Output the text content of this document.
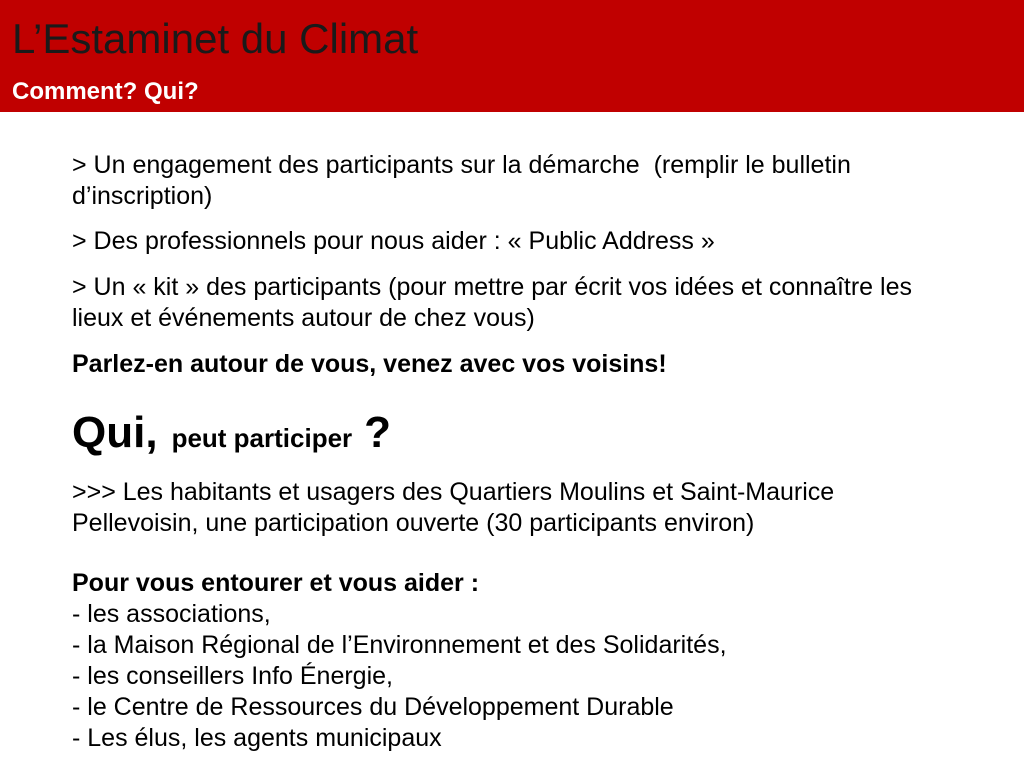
L’Estaminet du Climat
Comment? Qui?

> Un engagement des participants sur la démarche  (remplir le bulletin
d’inscription)

> Des professionnels pour nous aider : « Public Address »

> Un « kit » des participants (pour mettre par écrit vos idées et connaître les
lieux et événements autour de chez vous)

Parlez-en autour de vous, venez avec vos voisins!

Qui, peut participer ?

>>> Les habitants et usagers des Quartiers Moulins et Saint-Maurice
Pellevoisin, une participation ouverte (30 participants environ)

Pour vous entourer et vous aider :
- les associations,
- la Maison Régional de l’Environnement et des Solidarités,
- les conseillers Info Énergie,
- le Centre de Ressources du Développement Durable
- Les élus, les agents municipaux
